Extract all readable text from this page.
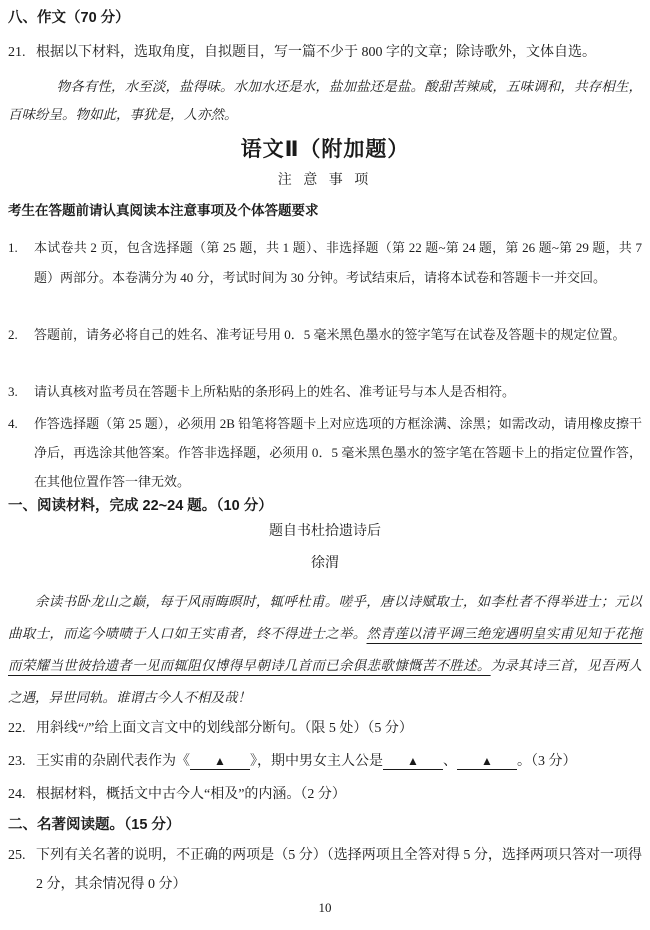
八、作文（70 分）
21. 根据以下材料，选取角度，自拟题目，写一篇不少于 800 字的文章；除诗歌外，文体自选。

物各有性，水至淡，盐得味。水加水还是水，盐加盐还是盐。酸甜苦辣咸，五味调和，共存相生，百味纷呈。物如此，事犹是，人亦然。

语文Ⅱ（附加题）
注 意 事 项

考生在答题前请认真阅读本注意事项及个体答题要求

1.	本试卷共 2 页，包含选择题（第 25 题，共 1 题）、非选择题（第 22 题~第 24 题，第 26 题~第 29 题，共 7 题）两部分。本卷满分为 40 分，考试时间为 30 分钟。考试结束后，请将本试卷和答题卡一并交回。
2.	答题前，请务必将自己的姓名、准考证号用 0．5 毫米黑色墨水的签字笔写在试卷及答题卡的规定位置。
3.	请认真核对监考员在答题卡上所粘贴的条形码上的姓名、准考证号与本人是否相符。
4.	作答选择题（第 25 题），必须用 2B 铅笔将答题卡上对应选项的方框涂满、涂黑；如需改动，请用橡皮擦干净后，再选涂其他答案。作答非选择题，必须用 0．5 毫米黑色墨水的签字笔在答题卡上的指定位置作答，在其他位置作答一律无效。
一、阅读材料，完成 22~24 题。（10 分）
题自书杜拾遗诗后
徐渭

余读书卧龙山之巅，每于风雨晦暝时，辄呼杜甫。嗟乎，唐以诗赋取士，如李杜者不得举进士；元以曲取士，而迄今啧啧于人口如王实甫者，终不得进士之举。然青莲以清平调三绝宠遇明皇实甫见知于花拖而荣耀当世彼拾遗者一见而辄阻仅博得早朝诗几首而已余俱悲歌慷慨苦不胜述。为录其诗三首，见吾两人之遇，异世同轨。谁谓古今人不相及哉！

22. 用斜线“/”给上面文言文中的划线部分断句。（限 5 处）（5 分）
23. 王实甫的杂剧代表作为《 ▲ 》，期中男女主人公是 ▲ 、 ▲ 。（3 分）
24. 根据材料，概括文中古今人“相及”的内涵。（2 分）
二、名著阅读题。（15 分）
25. 下列有关名著的说明，不正确的两项是（5 分）（选择两项且全答对得 5 分，选择两项只答对一项得 2 分，其余情况得 0 分）
10
